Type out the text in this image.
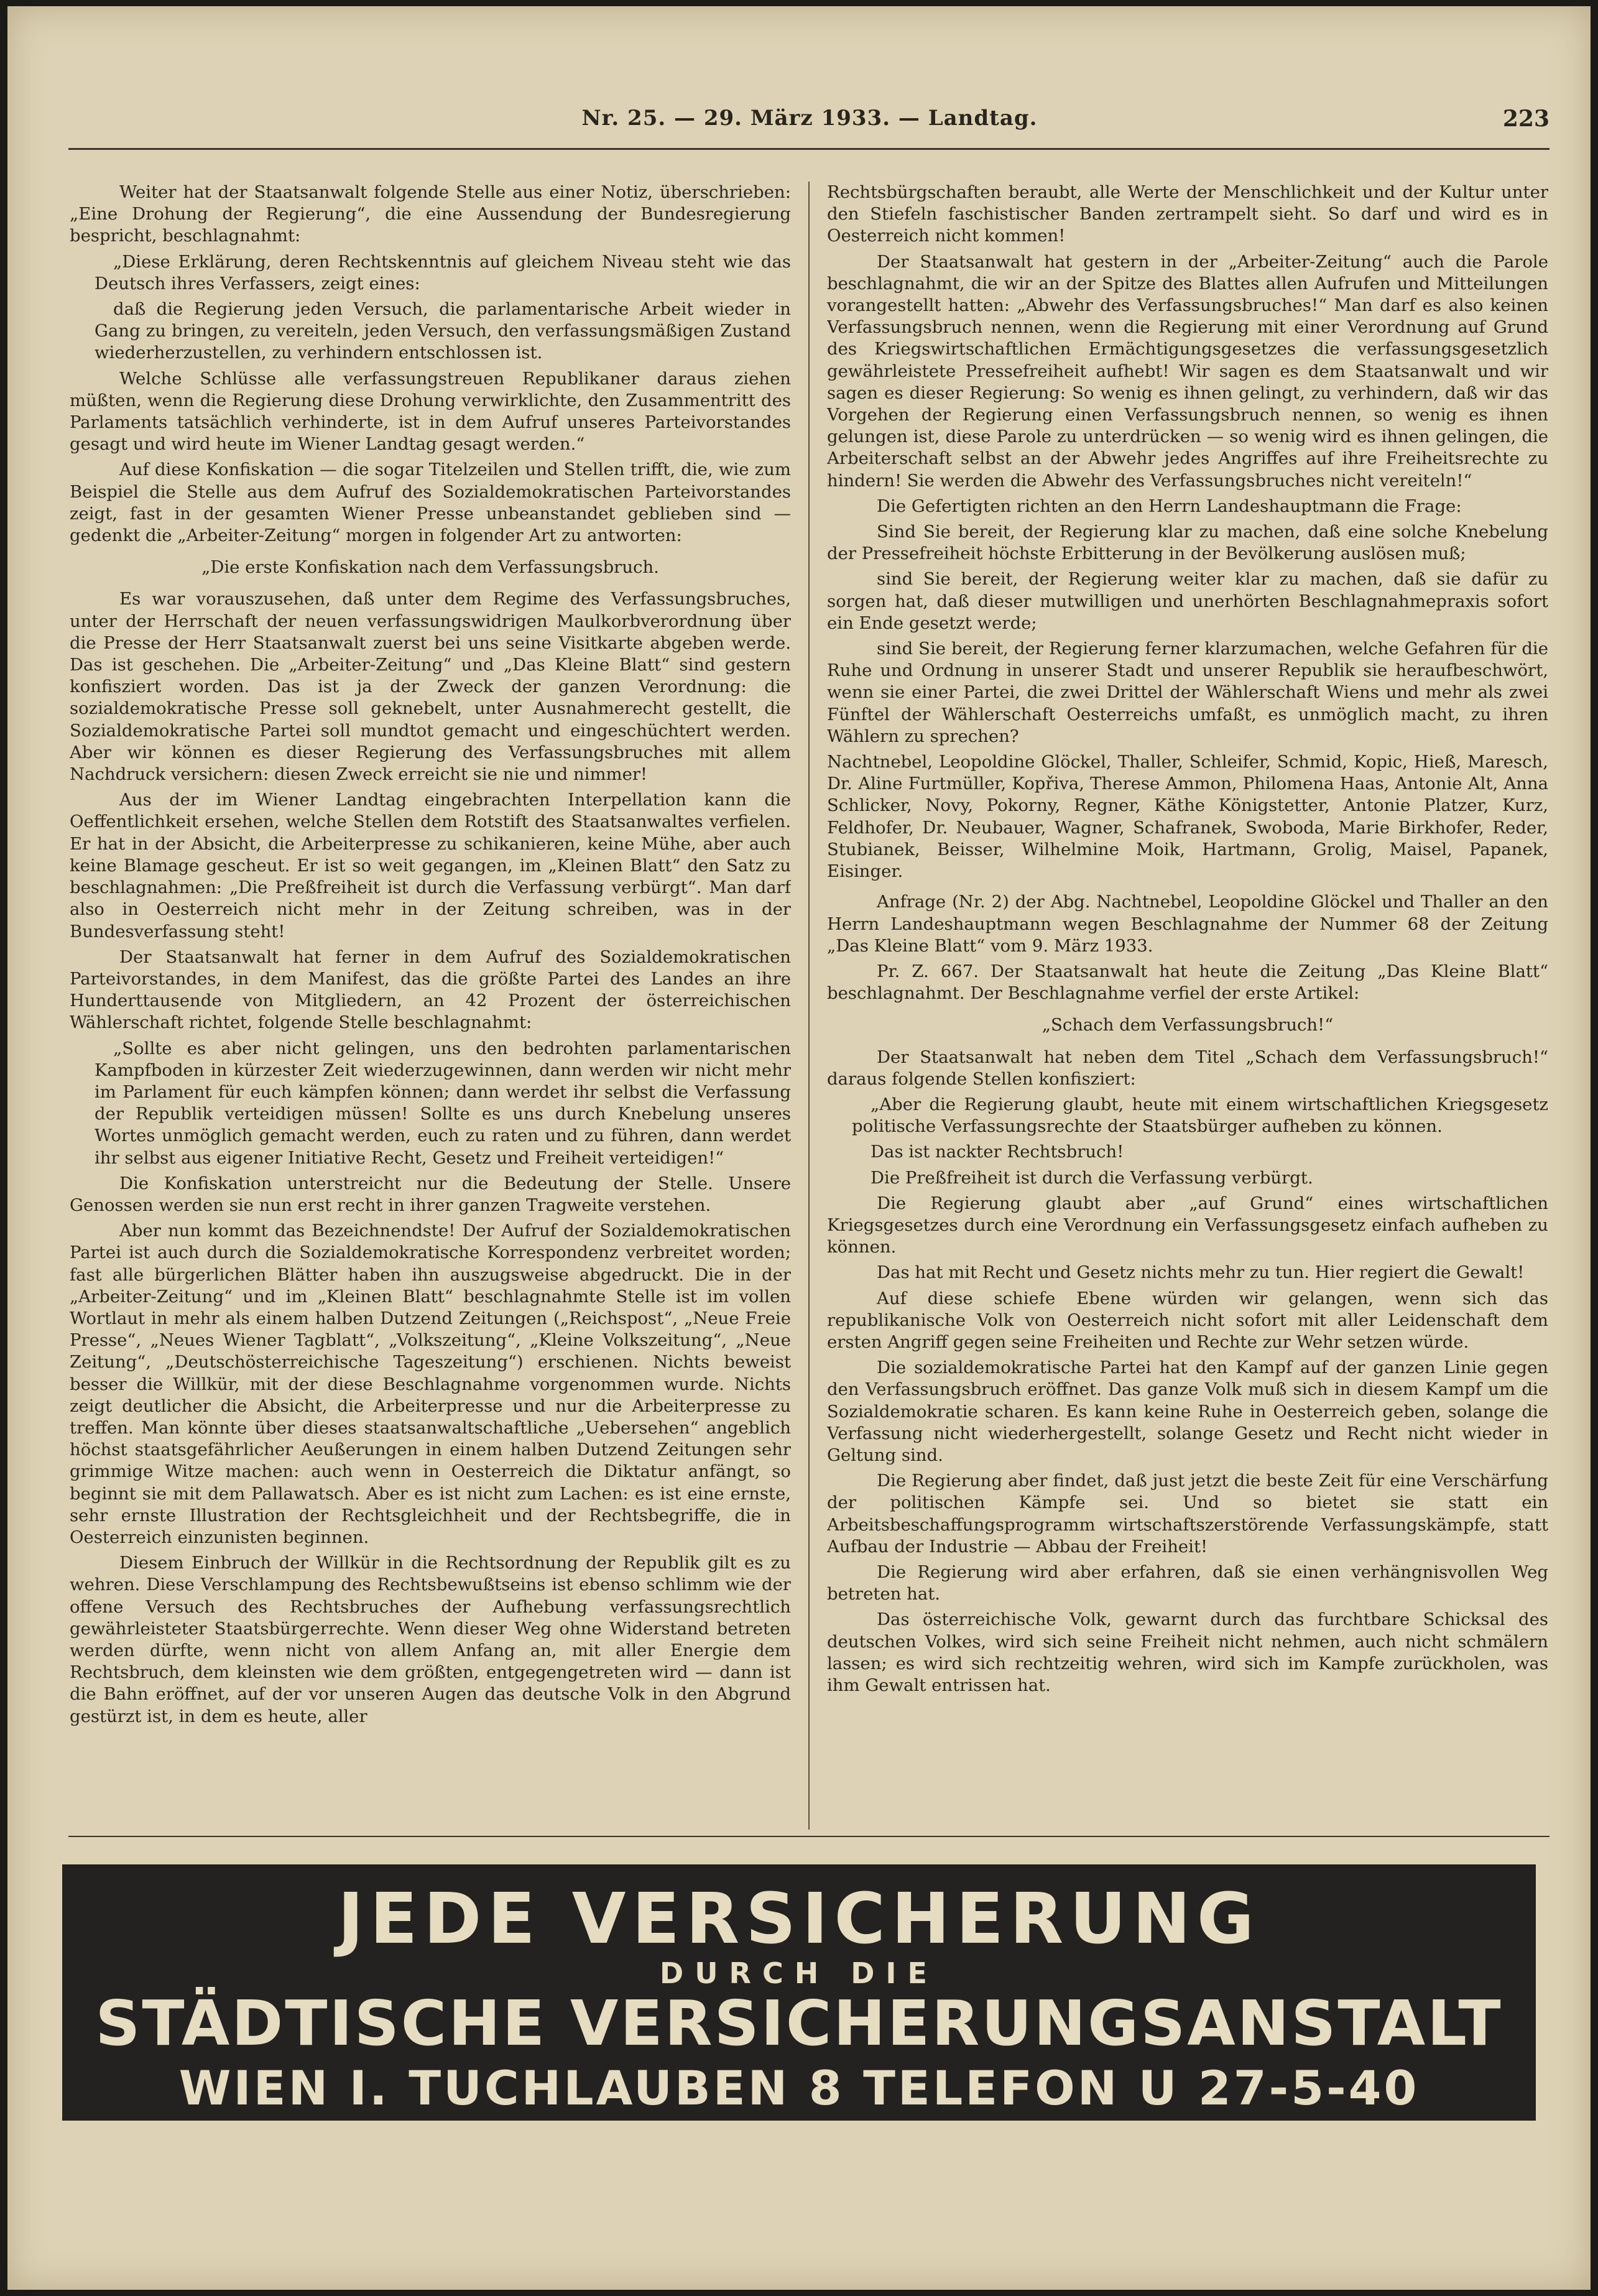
Nr. 25. — 29. März 1933. — Landtag.	223

Weiter hat der Staatsanwalt folgende Stelle aus einer Notiz, überschrieben: „Eine Drohung der Regierung“, die eine Aussendung der Bundesregierung bespricht, beschlagnahmt:

„Diese Erklärung, deren Rechtskenntnis auf gleichem Niveau steht wie das Deutsch ihres Verfassers, zeigt eines:

daß die Regierung jeden Versuch, die parlamentarische Arbeit wieder in Gang zu bringen, zu vereiteln, jeden Versuch, den verfassungsmäßigen Zustand wiederherzustellen, zu verhindern entschlossen ist.

Welche Schlüsse alle verfassungstreuen Republikaner daraus ziehen müßten, wenn die Regierung diese Drohung verwirklichte, den Zusammentritt des Parlaments tatsächlich verhinderte, ist in dem Aufruf unseres Parteivorstandes gesagt und wird heute im Wiener Landtag gesagt werden.“

Auf diese Konfiskation — die sogar Titelzeilen und Stellen trifft, die, wie zum Beispiel die Stelle aus dem Aufruf des Sozialdemokratischen Parteivorstandes zeigt, fast in der gesamten Wiener Presse unbeanstandet geblieben sind — gedenkt die „Arbeiter-Zeitung“ morgen in folgender Art zu antworten:

„Die erste Konfiskation nach dem Verfassungsbruch.

Es war vorauszusehen, daß unter dem Regime des Verfassungsbruches, unter der Herrschaft der neuen verfassungswidrigen Maulkorbverordnung über die Presse der Herr Staatsanwalt zuerst bei uns seine Visitkarte abgeben werde. Das ist geschehen. Die „Arbeiter-Zeitung“ und „Das Kleine Blatt“ sind gestern konfisziert worden. Das ist ja der Zweck der ganzen Verordnung: die sozialdemokratische Presse soll geknebelt, unter Ausnahmerecht gestellt, die Sozialdemokratische Partei soll mundtot gemacht und eingeschüchtert werden. Aber wir können es dieser Regierung des Verfassungsbruches mit allem Nachdruck versichern: diesen Zweck erreicht sie nie und nimmer!

Aus der im Wiener Landtag eingebrachten Interpellation kann die Oeffentlichkeit ersehen, welche Stellen dem Rotstift des Staatsanwaltes verfielen. Er hat in der Absicht, die Arbeiterpresse zu schikanieren, keine Mühe, aber auch keine Blamage gescheut. Er ist so weit gegangen, im „Kleinen Blatt“ den Satz zu beschlagnahmen: „Die Preßfreiheit ist durch die Verfassung verbürgt“. Man darf also in Oesterreich nicht mehr in der Zeitung schreiben, was in der Bundesverfassung steht!

Der Staatsanwalt hat ferner in dem Aufruf des Sozialdemokratischen Parteivorstandes, in dem Manifest, das die größte Partei des Landes an ihre Hunderttausende von Mitgliedern, an 42 Prozent der österreichischen Wählerschaft richtet, folgende Stelle beschlagnahmt:

„Sollte es aber nicht gelingen, uns den bedrohten parlamentarischen Kampfboden in kürzester Zeit wiederzugewinnen, dann werden wir nicht mehr im Parlament für euch kämpfen können; dann werdet ihr selbst die Verfassung der Republik verteidigen müssen! Sollte es uns durch Knebelung unseres Wortes unmöglich gemacht werden, euch zu raten und zu führen, dann werdet ihr selbst aus eigener Initiative Recht, Gesetz und Freiheit verteidigen!“

Die Konfiskation unterstreicht nur die Bedeutung der Stelle. Unsere Genossen werden sie nun erst recht in ihrer ganzen Tragweite verstehen.

Aber nun kommt das Bezeichnendste! Der Aufruf der Sozialdemokratischen Partei ist auch durch die Sozialdemokratische Korrespondenz verbreitet worden; fast alle bürgerlichen Blätter haben ihn auszugsweise abgedruckt. Die in der „Arbeiter-Zeitung“ und im „Kleinen Blatt“ beschlagnahmte Stelle ist im vollen Wortlaut in mehr als einem halben Dutzend Zeitungen („Reichspost“, „Neue Freie Presse“, „Neues Wiener Tagblatt“, „Volkszeitung“, „Kleine Volkszeitung“, „Neue Zeitung“, „Deutschösterreichische Tageszeitung“) erschienen. Nichts beweist besser die Willkür, mit der diese Beschlagnahme vorgenommen wurde. Nichts zeigt deutlicher die Absicht, die Arbeiterpresse und nur die Arbeiterpresse zu treffen. Man könnte über dieses staatsanwaltschaftliche „Uebersehen“ angeblich höchst staatsgefährlicher Aeußerungen in einem halben Dutzend Zeitungen sehr grimmige Witze machen: auch wenn in Oesterreich die Diktatur anfängt, so beginnt sie mit dem Pallawatsch. Aber es ist nicht zum Lachen: es ist eine ernste, sehr ernste Illustration der Rechtsgleichheit und der Rechtsbegriffe, die in Oesterreich einzunisten beginnen.

Diesem Einbruch der Willkür in die Rechtsordnung der Republik gilt es zu wehren. Diese Verschlampung des Rechtsbewußtseins ist ebenso schlimm wie der offene Versuch des Rechtsbruches der Aufhebung verfassungsrechtlich gewährleisteter Staatsbürgerrechte. Wenn dieser Weg ohne Widerstand betreten werden dürfte, wenn nicht von allem Anfang an, mit aller Energie dem Rechtsbruch, dem kleinsten wie dem größten, entgegengetreten wird — dann ist die Bahn eröffnet, auf der vor unseren Augen das deutsche Volk in den Abgrund gestürzt ist, in dem es heute, aller

Rechtsbürgschaften beraubt, alle Werte der Menschlichkeit und der Kultur unter den Stiefeln faschistischer Banden zertrampelt sieht. So darf und wird es in Oesterreich nicht kommen!

Der Staatsanwalt hat gestern in der „Arbeiter-Zeitung“ auch die Parole beschlagnahmt, die wir an der Spitze des Blattes allen Aufrufen und Mitteilungen vorangestellt hatten: „Abwehr des Verfassungsbruches!“ Man darf es also keinen Verfassungsbruch nennen, wenn die Regierung mit einer Verordnung auf Grund des Kriegswirtschaftlichen Ermächtigungsgesetzes die verfassungsgesetzlich gewährleistete Pressefreiheit aufhebt! Wir sagen es dem Staatsanwalt und wir sagen es dieser Regierung: So wenig es ihnen gelingt, zu verhindern, daß wir das Vorgehen der Regierung einen Verfassungsbruch nennen, so wenig es ihnen gelungen ist, diese Parole zu unterdrücken — so wenig wird es ihnen gelingen, die Arbeiterschaft selbst an der Abwehr jedes Angriffes auf ihre Freiheitsrechte zu hindern! Sie werden die Abwehr des Verfassungsbruches nicht vereiteln!“

Die Gefertigten richten an den Herrn Landeshauptmann die Frage:

Sind Sie bereit, der Regierung klar zu machen, daß eine solche Knebelung der Pressefreiheit höchste Erbitterung in der Bevölkerung auslösen muß;

sind Sie bereit, der Regierung weiter klar zu machen, daß sie dafür zu sorgen hat, daß dieser mutwilligen und unerhörten Beschlagnahmepraxis sofort ein Ende gesetzt werde;

sind Sie bereit, der Regierung ferner klarzumachen, welche Gefahren für die Ruhe und Ordnung in unserer Stadt und unserer Republik sie heraufbeschwört, wenn sie einer Partei, die zwei Drittel der Wählerschaft Wiens und mehr als zwei Fünftel der Wählerschaft Oesterreichs umfaßt, es unmöglich macht, zu ihren Wählern zu sprechen?

Nachtnebel, Leopoldine Glöckel, Thaller, Schleifer, Schmid, Kopic, Hieß, Maresch, Dr. Aline Furtmüller, Kopřiva, Therese Ammon, Philomena Haas, Antonie Alt, Anna Schlicker, Novy, Pokorny, Regner, Käthe Königstetter, Antonie Platzer, Kurz, Feldhofer, Dr. Neubauer, Wagner, Schafranek, Swoboda, Marie Birkhofer, Reder, Stubianek, Beisser, Wilhelmine Moik, Hartmann, Grolig, Maisel, Papanek, Eisinger.

Anfrage (Nr. 2) der Abg. Nachtnebel, Leopoldine Glöckel und Thaller an den Herrn Landeshauptmann wegen Beschlagnahme der Nummer 68 der Zeitung „Das Kleine Blatt“ vom 9. März 1933.

Pr. Z. 667. Der Staatsanwalt hat heute die Zeitung „Das Kleine Blatt“ beschlagnahmt. Der Beschlagnahme verfiel der erste Artikel:

„Schach dem Verfassungsbruch!“

Der Staatsanwalt hat neben dem Titel „Schach dem Verfassungsbruch!“ daraus folgende Stellen konfisziert:

„Aber die Regierung glaubt, heute mit einem wirtschaftlichen Kriegsgesetz politische Verfassungsrechte der Staatsbürger aufheben zu können.

Das ist nackter Rechtsbruch!

Die Preßfreiheit ist durch die Verfassung verbürgt.

Die Regierung glaubt aber „auf Grund“ eines wirtschaftlichen Kriegsgesetzes durch eine Verordnung ein Verfassungsgesetz einfach aufheben zu können.

Das hat mit Recht und Gesetz nichts mehr zu tun. Hier regiert die Gewalt!

Auf diese schiefe Ebene würden wir gelangen, wenn sich das republikanische Volk von Oesterreich nicht sofort mit aller Leidenschaft dem ersten Angriff gegen seine Freiheiten und Rechte zur Wehr setzen würde.

Die sozialdemokratische Partei hat den Kampf auf der ganzen Linie gegen den Verfassungsbruch eröffnet. Das ganze Volk muß sich in diesem Kampf um die Sozialdemokratie scharen. Es kann keine Ruhe in Oesterreich geben, solange die Verfassung nicht wiederhergestellt, solange Gesetz und Recht nicht wieder in Geltung sind.

Die Regierung aber findet, daß just jetzt die beste Zeit für eine Verschärfung der politischen Kämpfe sei. Und so bietet sie statt ein Arbeitsbeschaffungsprogramm wirtschaftszerstörende Verfassungskämpfe, statt Aufbau der Industrie — Abbau der Freiheit!

Die Regierung wird aber erfahren, daß sie einen verhängnisvollen Weg betreten hat.

Das österreichische Volk, gewarnt durch das furchtbare Schicksal des deutschen Volkes, wird sich seine Freiheit nicht nehmen, auch nicht schmälern lassen; es wird sich rechtzeitig wehren, wird sich im Kampfe zurückholen, was ihm Gewalt entrissen hat.

JEDE VERSICHERUNG
DURCH DIE
STÄDTISCHE VERSICHERUNGSANSTALT
WIEN I. TUCHLAUBEN 8 TELEFON U 27-5-40
